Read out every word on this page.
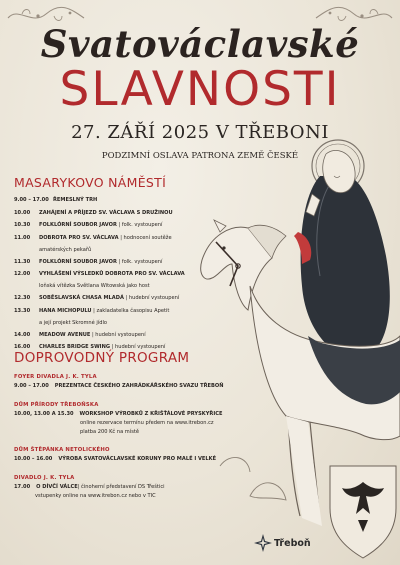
Svatováclavské
SLAVNOSTI
27. ZÁŘÍ 2025 V TŘEBONI
PODZIMNÍ OSLAVA PATRONA ZEMĚ ČESKÉ
MASARYKOVO NÁMĚSTÍ
9.00 – 17.00 ŘEMESLNÝ TRH
10.00	ZAHÁJENÍ A PŘÍJEZD SV. VÁCLAVA S DRUŽINOU
10.30	FOLKLÓRNÍ SOUBOR JAVOR | folk. vystoupení
11.00	DOBROTA PRO SV. VÁCLAVA | hodnocení soutěže
amatérských pekařů
11.30	FOLKLÓRNÍ SOUBOR JAVOR | folk. vystoupení
12.00	VYHLÁŠENÍ VÝSLEDKŮ DOBROTA PRO SV. VÁCLAVA
loňská vítězka Světlana Witowská jako host
12.30	SOBĚSLAVSKÁ CHASA MLADÁ | hudební vystoupení
13.30	HANA MICHOPULU | zakladatelka časopisu Apetit
a její projekt Skromné jídlo
14.00	MEADOW AVENUE | hudební vystoupení
16.00	CHARLES BRIDGE SWING | hudební vystoupení
DOPROVODNÝ PROGRAM
FOYER DIVADLA J. K. TYLA
9.00 – 17.00 PREZENTACE ČESKÉHO ZAHRÁDKÁŘSKÉHO SVAZU TŘEBOŇ
DŮM PŘÍRODY TŘEBOŇSKA
10.00, 13.00 A 15.30 WORKSHOP VÝROBKŮ Z KŘIŠŤÁLOVÉ PRYSKYŘICE
online rezervace termínu předem na www.itrebon.cz
platba 200 Kč na místě
DŮM ŠTĚPÁNKA NETOLICKÉHO
10.00 – 16.00 VÝROBA SVATOVÁCLAVSKÉ KORUNY PRO MALÉ I VELKÉ
DIVADLO J. K. TYLA
17.00 O DÍVČÍ VÁLCE | činoherní představení DS Třeštici
vstupenky online na www.itrebon.cz nebo v TIC
Třeboň
